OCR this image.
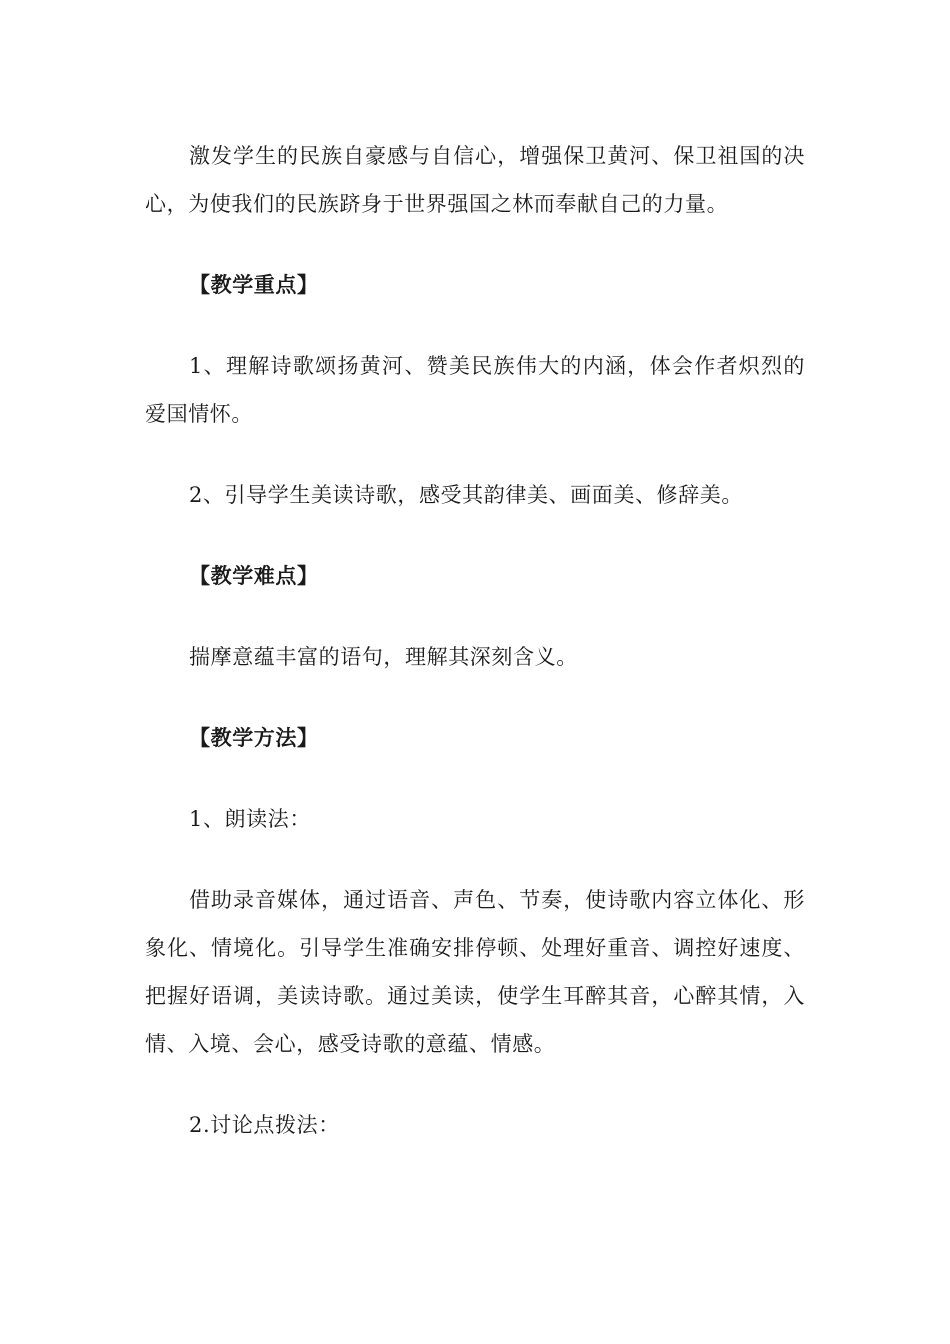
激发学生的民族自豪感与自信心，增强保卫黄河、保卫祖国的决心，为使我们的民族跻身于世界强国之林而奉献自己的力量。

【教学重点】

1、理解诗歌颂扬黄河、赞美民族伟大的内涵，体会作者炽烈的爱国情怀。

2、引导学生美读诗歌，感受其韵律美、画面美、修辞美。

【教学难点】

揣摩意蕴丰富的语句，理解其深刻含义。

【教学方法】

1、朗读法：

借助录音媒体，通过语音、声色、节奏，使诗歌内容立体化、形象化、情境化。引导学生准确安排停顿、处理好重音、调控好速度、把握好语调，美读诗歌。通过美读，使学生耳醉其音，心醉其情，入情、入境、会心，感受诗歌的意蕴、情感。

2.讨论点拨法：
